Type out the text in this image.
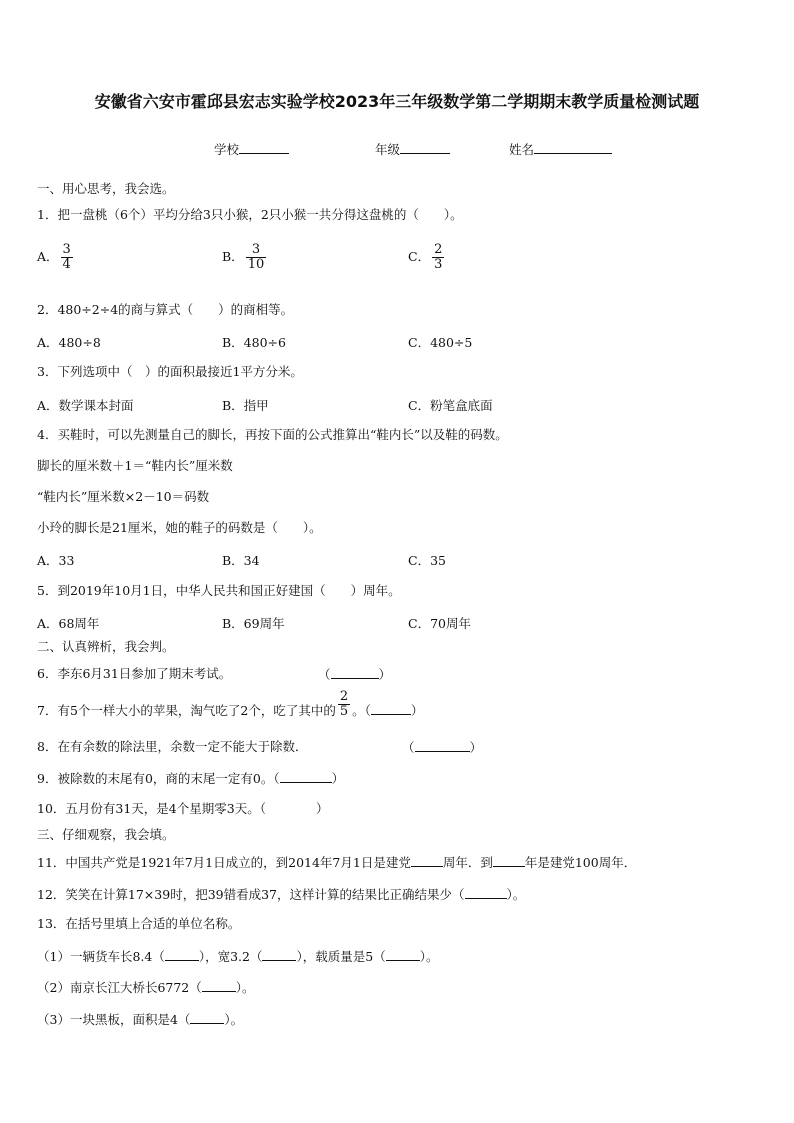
安徽省六安市霍邱县宏志实验学校2023年三年级数学第二学期期末教学质量检测试题
学校	年级	姓名
一、用心思考，我会选。
1．把一盘桃（6个）平均分给3只小猴，2只小猴一共分得这盘桃的（　　）。
A． $\frac{3}{4}$	B． $\frac{3}{10}$	C． $\frac{2}{3}$
2．480÷2÷4的商与算式（　　）的商相等。
A．480÷8	B．480÷6	C．480÷5
3．下列选项中（　）的面积最接近1平方分米。
A．数学课本封面	B．指甲	C．粉笔盒底面
4．买鞋时，可以先测量自己的脚长，再按下面的公式推算出“鞋内长”以及鞋的码数。
脚长的厘米数＋1＝“鞋内长”厘米数
“鞋内长”厘米数×2－10＝码数
小玲的脚长是21厘米，她的鞋子的码数是（　　）。
A．33	B．34	C．35
5．到2019年10月1日，中华人民共和国正好建国（　　）周年。
A．68周年	B．69周年	C．70周年
二、认真辨析，我会判。
6．李东6月31日参加了期末考试。	（	）
7．有5个一样大小的苹果，淘气吃了2个，吃了其中的 $\frac{2}{5}$ 。（	）
8．在有余数的除法里，余数一定不能大于除数．	（	）
9．被除数的末尾有0，商的末尾一定有0。（	）
10．五月份有31天，是4个星期零3天。（　　　　）
三、仔细观察，我会填。
11．中国共产党是1921年7月1日成立的，到2014年7月1日是建党	周年．到	年是建党100周年．
12．笑笑在计算17×39时，把39错看成37，这样计算的结果比正确结果少（	）。
13．在括号里填上合适的单位名称。
（1）一辆货车长8.4（	），宽3.2（	），载质量是5（	）。
（2）南京长江大桥长6772（	）。
（3）一块黑板，面积是4（	）。
